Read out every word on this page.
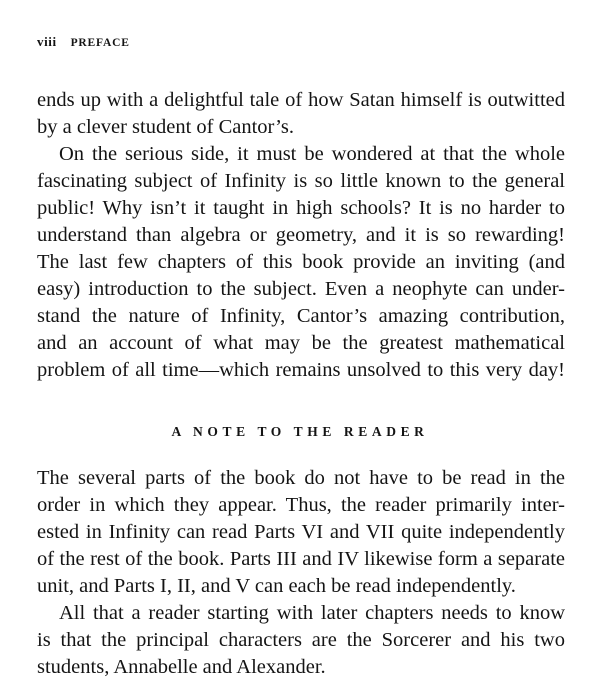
viii PREFACE
ends up with a delightful tale of how Satan himself is outwitted
by a clever student of Cantor’s.
On the serious side, it must be wondered at that the whole
fascinating subject of Infinity is so little known to the general
public! Why isn’t it taught in high schools? It is no harder to
understand than algebra or geometry, and it is so rewarding!
The last few chapters of this book provide an inviting (and
easy) introduction to the subject. Even a neophyte can under-
stand the nature of Infinity, Cantor’s amazing contribution,
and an account of what may be the greatest mathematical
problem of all time—which remains unsolved to this very day!
A NOTE TO THE READER
The several parts of the book do not have to be read in the
order in which they appear. Thus, the reader primarily inter-
ested in Infinity can read Parts VI and VII quite independently
of the rest of the book. Parts III and IV likewise form a separate
unit, and Parts I, II, and V can each be read independently.
All that a reader starting with later chapters needs to know
is that the principal characters are the Sorcerer and his two
students, Annabelle and Alexander.
